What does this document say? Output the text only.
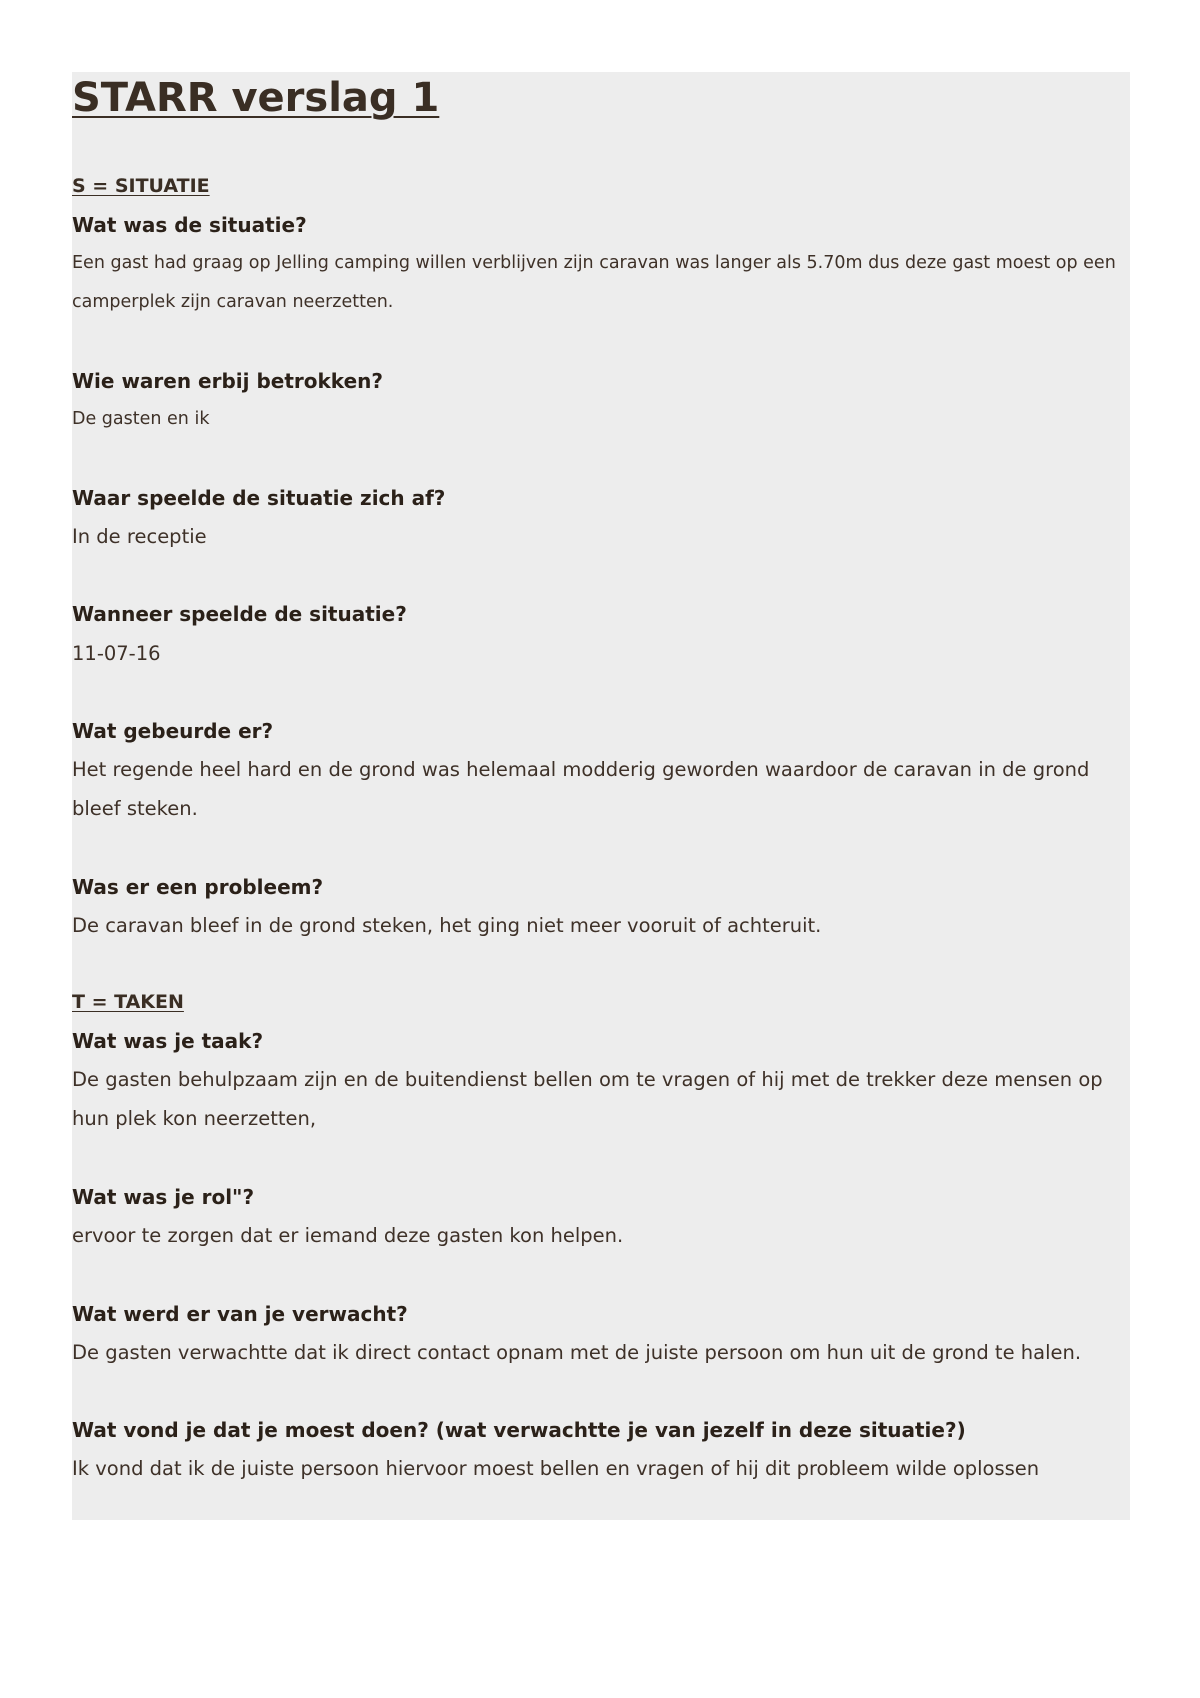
STARR verslag 1
S = SITUATIE

Wat was de situatie?

Een gast had graag op Jelling camping willen verblijven zijn caravan was langer als 5.70m dus deze gast moest op een camperplek zijn caravan neerzetten.

Wie waren erbij betrokken?

De gasten en ik

Waar speelde de situatie zich af?

In de receptie

Wanneer speelde de situatie?

11-07-16

Wat gebeurde er?

Het regende heel hard en de grond was helemaal modderig geworden waardoor de caravan in de grond bleef steken.

Was er een probleem?

De caravan bleef in de grond steken, het ging niet meer vooruit of achteruit.

T = TAKEN

Wat was je taak?

De gasten behulpzaam zijn en de buitendienst bellen om te vragen of hij met de trekker deze mensen op hun plek kon neerzetten,

Wat was je rol"?

ervoor te zorgen dat er iemand deze gasten kon helpen.

Wat werd er van je verwacht?

De gasten verwachtte dat ik direct contact opnam met de juiste persoon om hun uit de grond te halen.

Wat vond je dat je moest doen? (wat verwachtte je van jezelf in deze situatie?)

Ik vond dat ik de juiste persoon hiervoor moest bellen en vragen of hij dit probleem wilde oplossen
